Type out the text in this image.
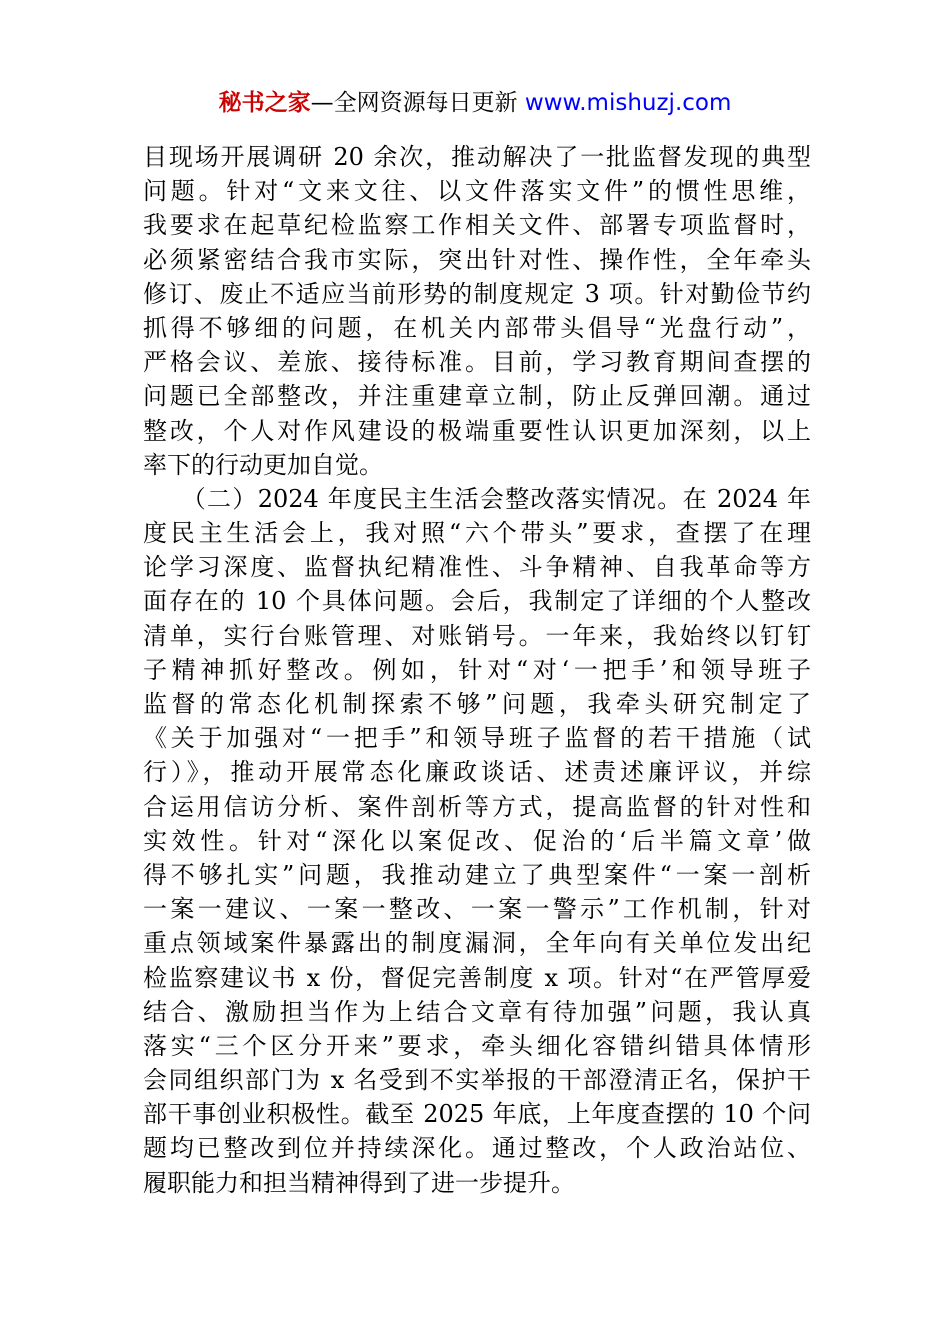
秘书之家—全网资源每日更新 www.mishuzj.com
目现场开展调研 20 余次，推动解决了一批监督发现的典型
问题。针对“文来文往、以文件落实文件”的惯性思维，
我要求在起草纪检监察工作相关文件、部署专项监督时，
必须紧密结合我市实际，突出针对性、操作性，全年牵头
修订、废止不适应当前形势的制度规定 3 项。针对勤俭节约
抓得不够细的问题，在机关内部带头倡导“光盘行动”，
严格会议、差旅、接待标准。目前，学习教育期间查摆的
问题已全部整改，并注重建章立制，防止反弹回潮。通过
整改，个人对作风建设的极端重要性认识更加深刻，以上
率下的行动更加自觉。
　　（二）2024 年度民主生活会整改落实情况。在 2024 年
度民主生活会上，我对照“六个带头”要求，查摆了在理
论学习深度、监督执纪精准性、斗争精神、自我革命等方
面存在的 10 个具体问题。会后，我制定了详细的个人整改
清单，实行台账管理、对账销号。一年来，我始终以钉钉
子精神抓好整改。例如，针对“对‘一把手’和领导班子
监督的常态化机制探索不够”问题，我牵头研究制定了
《关于加强对“一把手”和领导班子监督的若干措施（试
行）》，推动开展常态化廉政谈话、述责述廉评议，并综
合运用信访分析、案件剖析等方式，提高监督的针对性和
实效性。针对“深化以案促改、促治的‘后半篇文章’做
得不够扎实”问题，我推动建立了典型案件“一案一剖析
一案一建议、一案一整改、一案一警示”工作机制，针对
重点领域案件暴露出的制度漏洞，全年向有关单位发出纪
检监察建议书 x 份，督促完善制度 x 项。针对“在严管厚爱
结合、激励担当作为上结合文章有待加强”问题，我认真
落实“三个区分开来”要求，牵头细化容错纠错具体情形
会同组织部门为 x 名受到不实举报的干部澄清正名，保护干
部干事创业积极性。截至 2025 年底，上年度查摆的 10 个问
题均已整改到位并持续深化。通过整改，个人政治站位、
履职能力和担当精神得到了进一步提升。
